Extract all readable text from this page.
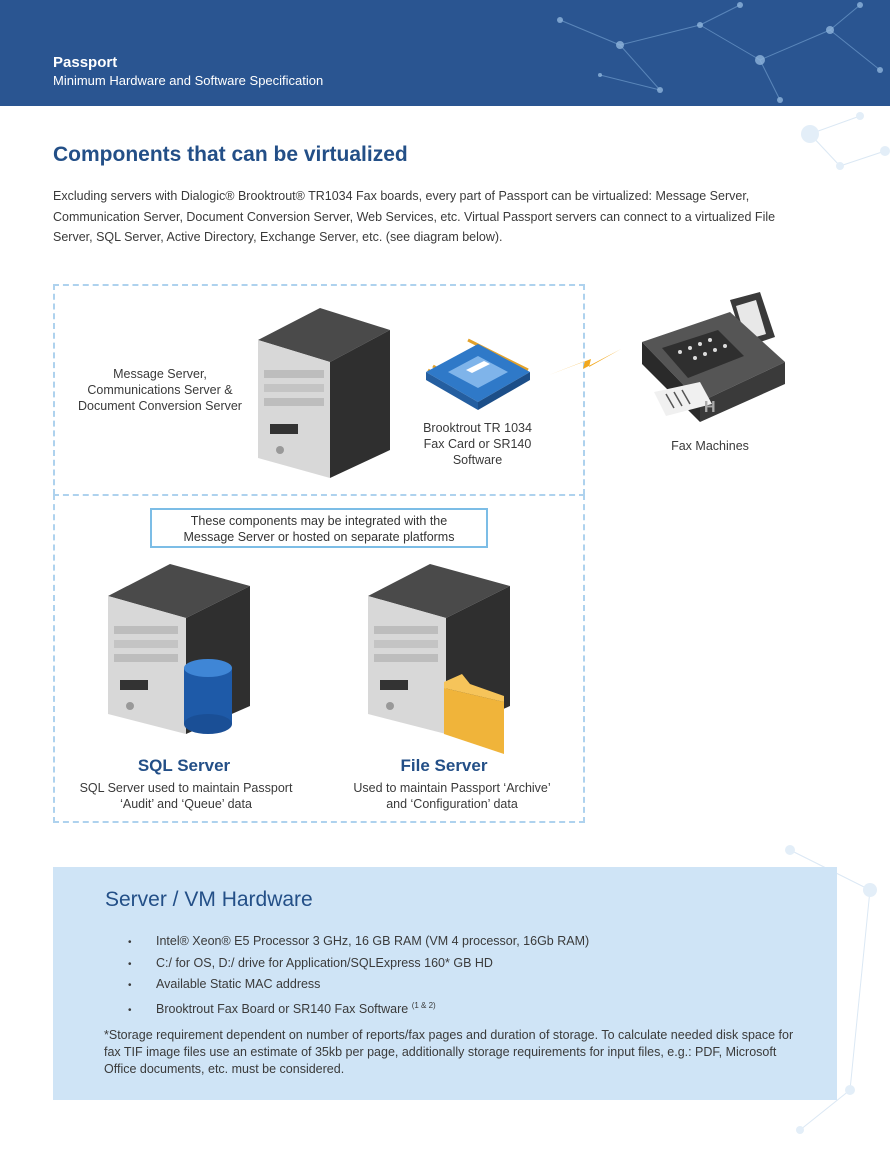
Passport
Minimum Hardware and Software Specification
Components that can be virtualized
Excluding servers with Dialogic® Brooktrout® TR1034 Fax boards, every part of Passport can be virtualized: Message Server, Communication Server, Document Conversion Server, Web Services, etc. Virtual Passport servers can connect to a virtualized File Server, SQL Server, Active Directory, Exchange Server, etc. (see diagram below).
Message Server,
Communications Server &
Document Conversion Server
Brooktrout TR 1034
Fax Card or SR140
Software
H
Fax Machines
These components may be integrated with the
Message Server or hosted on separate platforms
SQL Server
SQL Server used to maintain Passport
‘Audit’ and ‘Queue’ data
File Server
Used to maintain Passport ‘Archive’
and ‘Configuration’ data
Server / VM Hardware
• Intel® Xeon® E5 Processor 3 GHz, 16 GB RAM (VM 4 processor, 16Gb RAM)
• C:/ for OS, D:/ drive for Application/SQLExpress 160* GB HD
• Available Static MAC address
• Brooktrout Fax Board or SR140 Fax Software $^{(1 \& 2)}$
*Storage requirement dependent on number of reports/fax pages and duration of storage. To calculate needed disk space for fax TIF image files use an estimate of 35kb per page, additionally storage requirements for input files, e.g.: PDF, Microsoft Office documents, etc. must be considered.
